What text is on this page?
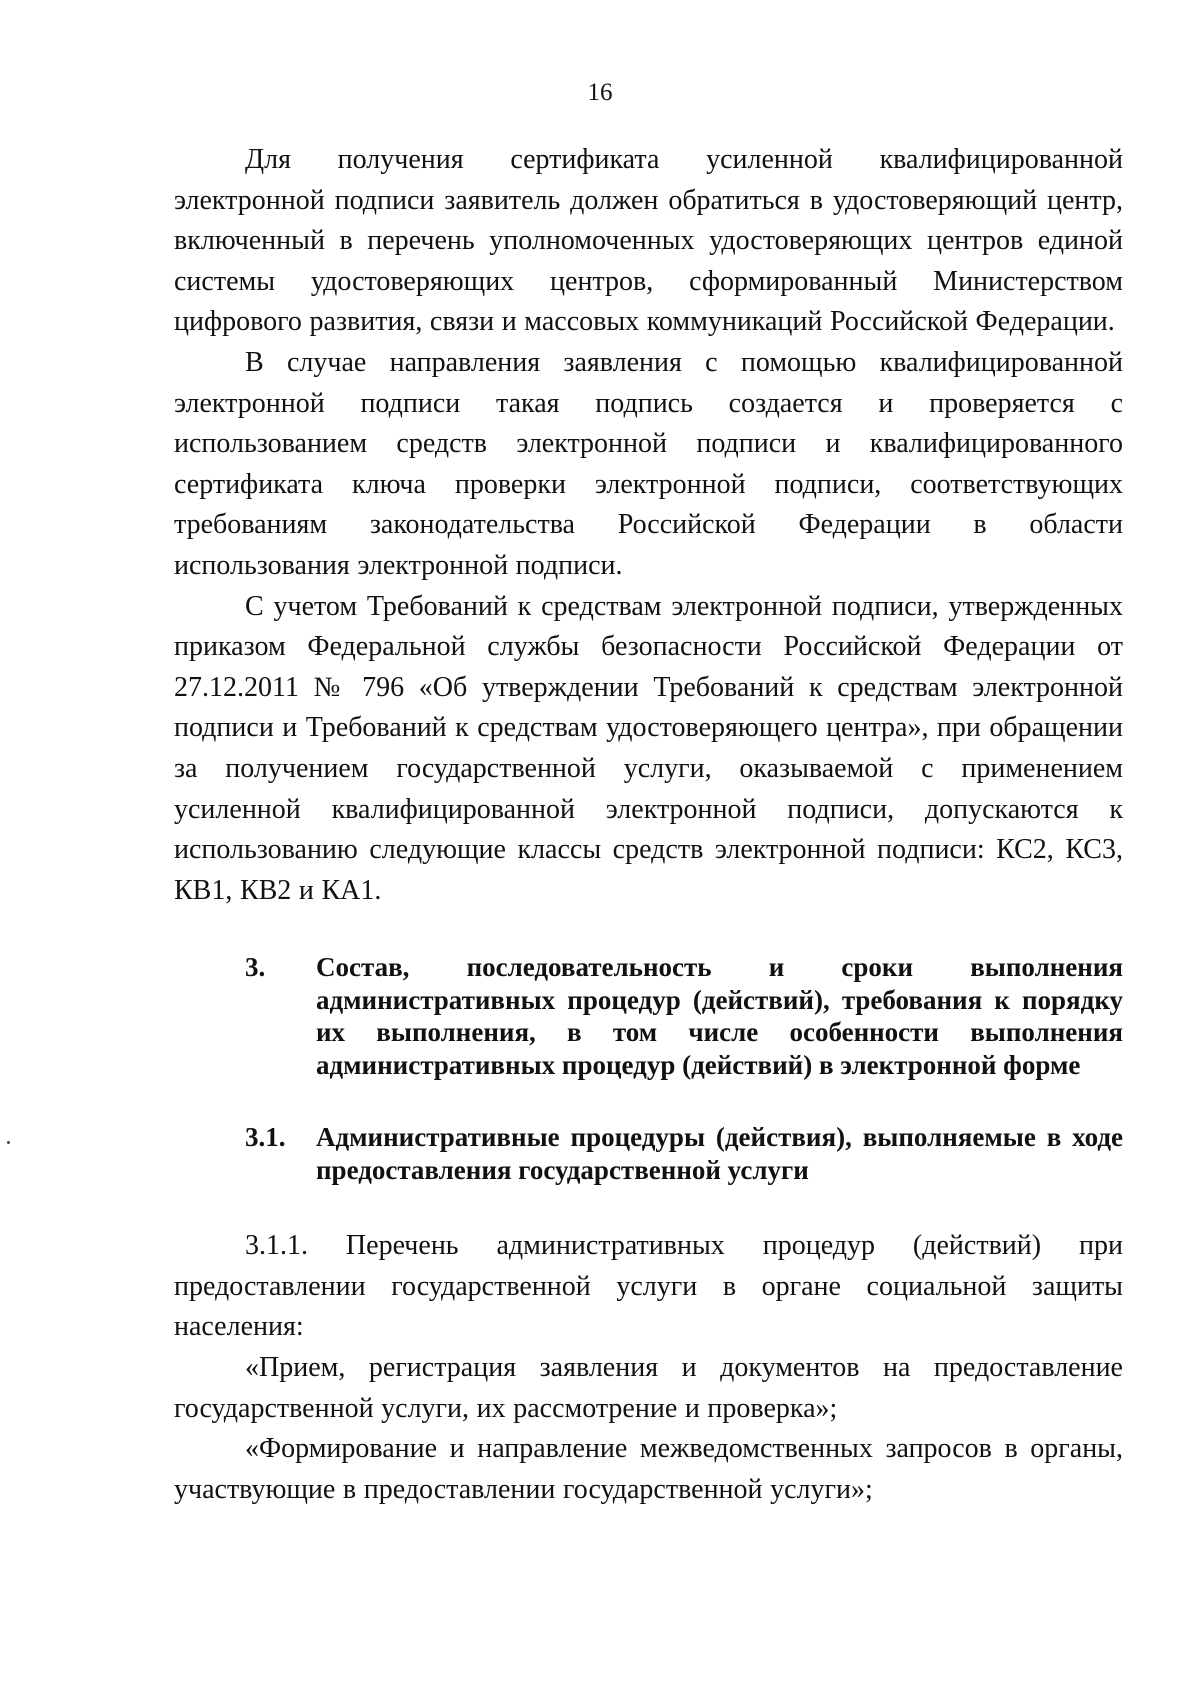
16

Для получения сертификата усиленной квалифицированной электронной подписи заявитель должен обратиться в удостоверяющий центр, включенный в перечень уполномоченных удостоверяющих центров единой системы удостоверяющих центров, сформированный Министерством цифрового развития, связи и массовых коммуникаций Российской Федерации.

В случае направления заявления с помощью квалифицированной электронной подписи такая подпись создается и проверяется с использованием средств электронной подписи и квалифицированного сертификата ключа проверки электронной подписи, соответствующих требованиям законодательства Российской Федерации в области использования электронной подписи.

С учетом Требований к средствам электронной подписи, утвержденных приказом Федеральной службы безопасности Российской Федерации от 27.12.2011 № 796 «Об утверждении Требований к средствам электронной подписи и Требований к средствам удостоверяющего центра», при обращении за получением государственной услуги, оказываемой с применением усиленной квалифицированной электронной подписи, допускаются к использованию следующие классы средств электронной подписи: КС2, КС3, КВ1, КВ2 и КА1.

3.	Состав, последовательность и сроки выполнения административных процедур (действий), требования к порядку их выполнения, в том числе особенности выполнения административных процедур (действий) в электронной форме
3.1.	Административные процедуры (действия), выполняемые в ходе предоставления государственной услуги

3.1.1. Перечень административных процедур (действий) при предоставлении государственной услуги в органе социальной защиты населения:

«Прием, регистрация заявления и документов на предоставление государственной услуги, их рассмотрение и проверка»;

«Формирование и направление межведомственных запросов в органы, участвующие в предоставлении государственной услуги»;
